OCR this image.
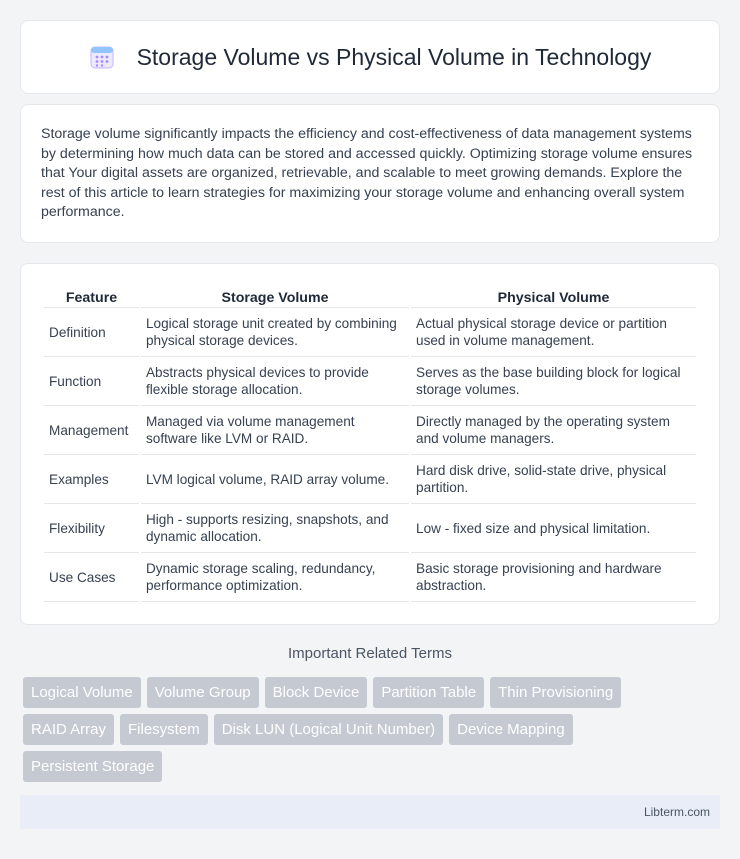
Storage Volume vs Physical Volume in Technology

Storage volume significantly impacts the efficiency and cost-effectiveness of data management systems by determining how much data can be stored and accessed quickly. Optimizing storage volume ensures that Your digital assets are organized, retrievable, and scalable to meet growing demands. Explore the rest of this article to learn strategies for maximizing your storage volume and enhancing overall system performance.

Feature	Storage Volume	Physical Volume
Definition	Logical storage unit created by combining physical storage devices.	Actual physical storage device or partition used in volume management.
Function	Abstracts physical devices to provide flexible storage allocation.	Serves as the base building block for logical storage volumes.
Management	Managed via volume management software like LVM or RAID.	Directly managed by the operating system and volume managers.
Examples	LVM logical volume, RAID array volume.	Hard disk drive, solid-state drive, physical partition.
Flexibility	High - supports resizing, snapshots, and dynamic allocation.	Low - fixed size and physical limitation.
Use Cases	Dynamic storage scaling, redundancy, performance optimization.	Basic storage provisioning and hardware abstraction.
Important Related Terms
Logical Volume	Volume Group	Block Device	Partition Table	Thin Provisioning
RAID Array	Filesystem	Disk LUN (Logical Unit Number)	Device Mapping
Persistent Storage
Libterm.com
